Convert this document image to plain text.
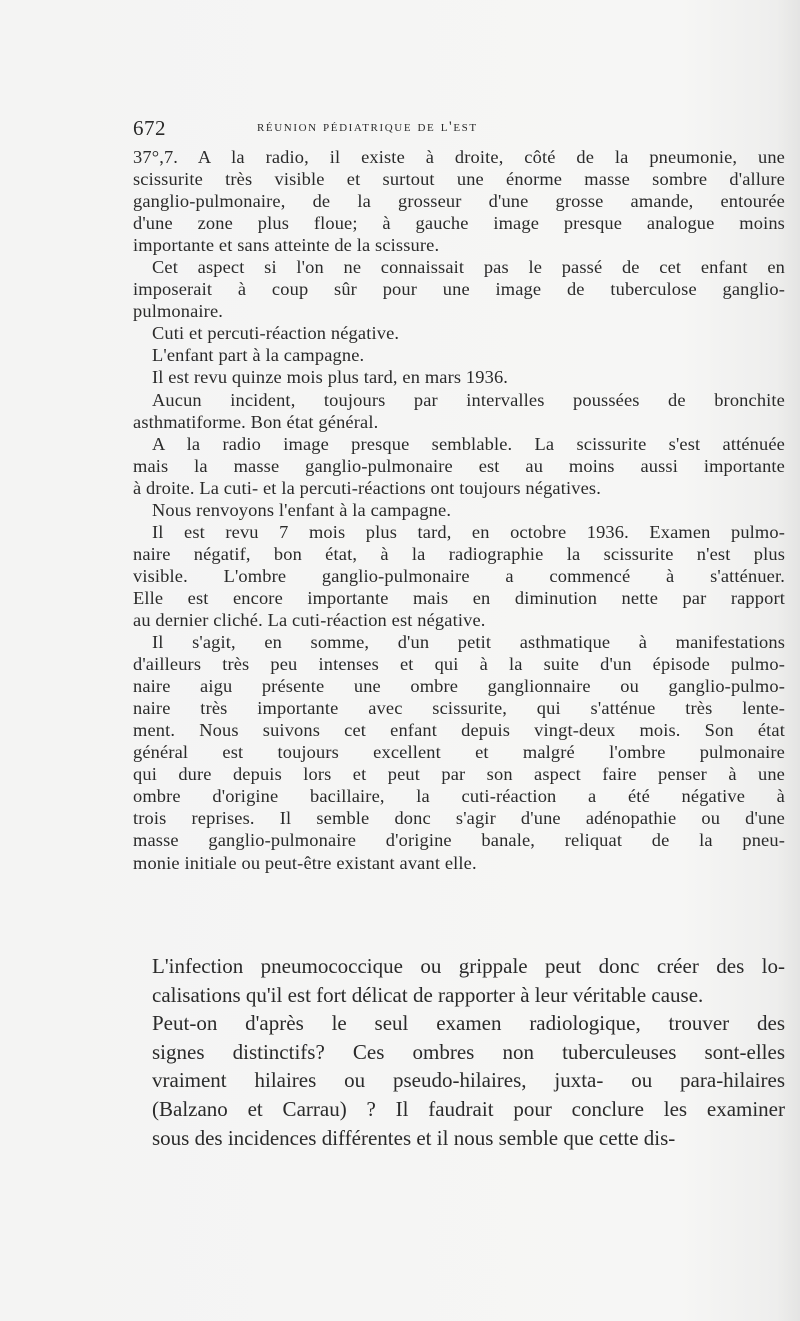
672	réunion pédiatrique de l'est

37°,7. A la radio, il existe à droite, côté de la pneumonie, une
scissurite très visible et surtout une énorme masse sombre d'allure
ganglio-pulmonaire, de la grosseur d'une grosse amande, entourée
d'une zone plus floue; à gauche image presque analogue moins
importante et sans atteinte de la scissure.

Cet aspect si l'on ne connaissait pas le passé de cet enfant en
imposerait à coup sûr pour une image de tuberculose ganglio-
pulmonaire.

Cuti et percuti-réaction négative.

L'enfant part à la campagne.

Il est revu quinze mois plus tard, en mars 1936.

Aucun incident, toujours par intervalles poussées de bronchite
asthmatiforme. Bon état général.

A la radio image presque semblable. La scissurite s'est atténuée
mais la masse ganglio-pulmonaire est au moins aussi importante
à droite. La cuti- et la percuti-réactions ont toujours négatives.

Nous renvoyons l'enfant à la campagne.

Il est revu 7 mois plus tard, en octobre 1936. Examen pulmo-
naire négatif, bon état, à la radiographie la scissurite n'est plus
visible. L'ombre ganglio-pulmonaire a commencé à s'atténuer.
Elle est encore importante mais en diminution nette par rapport
au dernier cliché. La cuti-réaction est négative.

Il s'agit, en somme, d'un petit asthmatique à manifestations
d'ailleurs très peu intenses et qui à la suite d'un épisode pulmo-
naire aigu présente une ombre ganglionnaire ou ganglio-pulmo-
naire très importante avec scissurite, qui s'atténue très lente-
ment. Nous suivons cet enfant depuis vingt-deux mois. Son état
général est toujours excellent et malgré l'ombre pulmonaire
qui dure depuis lors et peut par son aspect faire penser à une
ombre d'origine bacillaire, la cuti-réaction a été négative à
trois reprises. Il semble donc s'agir d'une adénopathie ou d'une
masse ganglio-pulmonaire d'origine banale, reliquat de la pneu-
monie initiale ou peut-être existant avant elle.

L'infection pneumococcique ou grippale peut donc créer des lo-
calisations qu'il est fort délicat de rapporter à leur véritable cause.

Peut-on d'après le seul examen radiologique, trouver des
signes distinctifs? Ces ombres non tuberculeuses sont-elles
vraiment hilaires ou pseudo-hilaires, juxta- ou para-hilaires
(Balzano et Carrau) ? Il faudrait pour conclure les examiner
sous des incidences différentes et il nous semble que cette dis-
